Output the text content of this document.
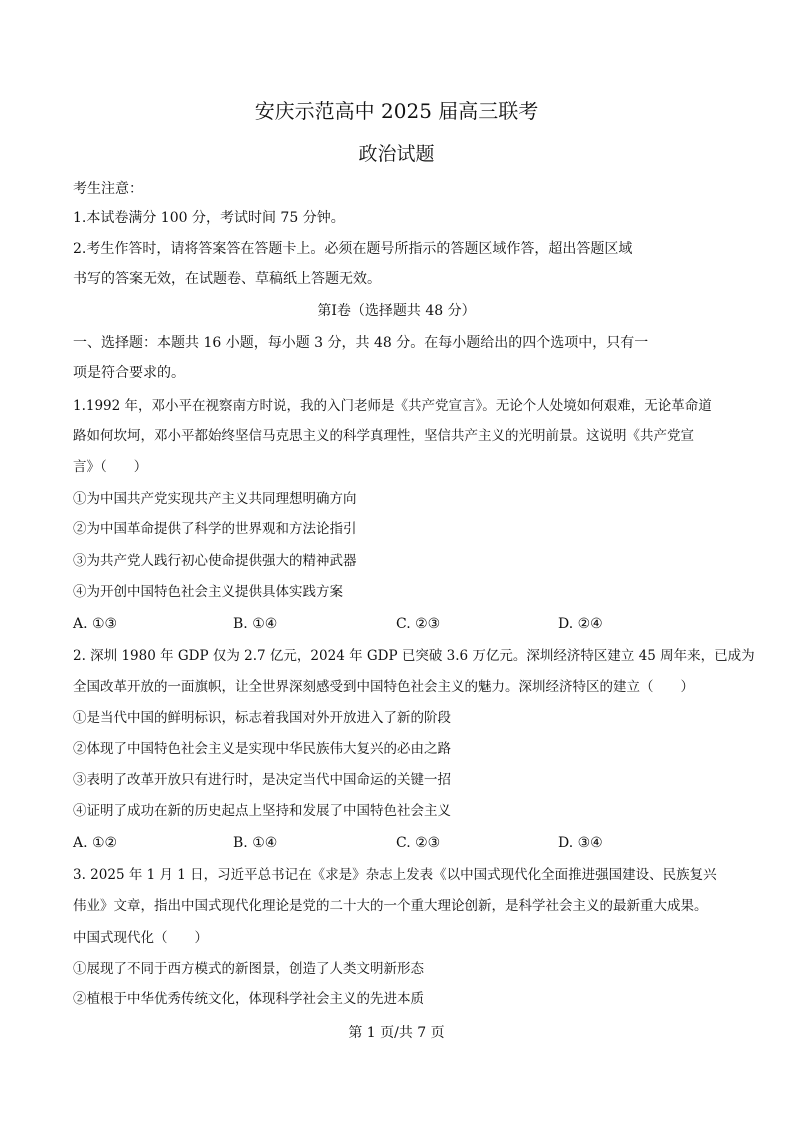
安庆示范高中 2025 届高三联考
政治试题
考生注意：
1.本试卷满分 100 分，考试时间 75 分钟。
2.考生作答时，请将答案答在答题卡上。必须在题号所指示的答题区域作答，超出答题区域
书写的答案无效，在试题卷、草稿纸上答题无效。
第Ⅰ卷（选择题共 48 分）
一、选择题：本题共 16 小题，每小题 3 分，共 48 分。在每小题给出的四个选项中，只有一
项是符合要求的。
1.1992 年，邓小平在视察南方时说，我的入门老师是《共产党宣言》。无论个人处境如何艰难，无论革命道
路如何坎坷，邓小平都始终坚信马克思主义的科学真理性，坚信共产主义的光明前景。这说明《共产党宣
言》（　　）
①为中国共产党实现共产主义共同理想明确方向
②为中国革命提供了科学的世界观和方法论指引
③为共产党人践行初心使命提供强大的精神武器
④为开创中国特色社会主义提供具体实践方案
A. ①③	B. ①④	C. ②③	D. ②④
2. 深圳 1980 年 GDP 仅为 2.7 亿元，2024 年 GDP 已突破 3.6 万亿元。深圳经济特区建立 45 周年来，已成为
全国改革开放的一面旗帜，让全世界深刻感受到中国特色社会主义的魅力。深圳经济特区的建立（　　）
①是当代中国的鲜明标识，标志着我国对外开放进入了新的阶段
②体现了中国特色社会主义是实现中华民族伟大复兴的必由之路
③表明了改革开放只有进行时，是决定当代中国命运的关键一招
④证明了成功在新的历史起点上坚持和发展了中国特色社会主义
A. ①②	B. ①④	C. ②③	D. ③④
3. 2025 年 1 月 1 日，习近平总书记在《求是》杂志上发表《以中国式现代化全面推进强国建设、民族复兴
伟业》文章，指出中国式现代化理论是党的二十大的一个重大理论创新，是科学社会主义的最新重大成果。
中国式现代化（　　）
①展现了不同于西方模式的新图景，创造了人类文明新形态
②植根于中华优秀传统文化，体现科学社会主义的先进本质
第 1 页/共 7 页
